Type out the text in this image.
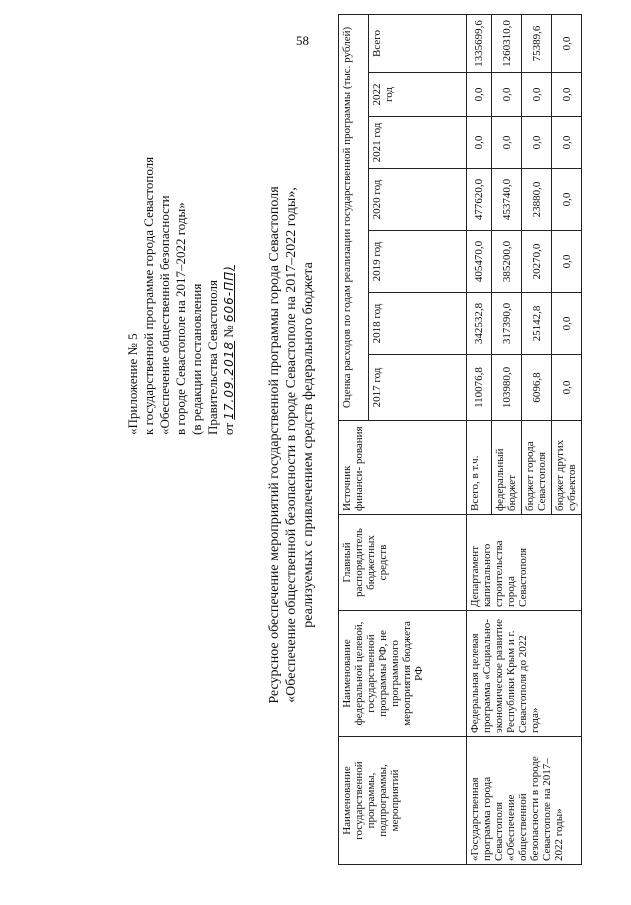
58
«Приложение № 5 к государственной программе города Севастополя «Обеспечение общественной безопасности в городе Севастополе на 2017–2022 годы» (в редакции постановления Правительства Севастополя от 17.09.2018 № 606-ПП) Ресурсное обеспечение мероприятий государственной программы города Севастополя «Обеспечение общественной безопасности в городе Севастополе на 2017–2022 годы», реализуемых с привлечением средств федерального бюджета
Наименование государственной программы, подпрограммы, мероприятий	Наименование федеральной целевой, государственной программы РФ, не программного мероприятия бюджета РФ	Главный распорядитель бюджетных средств	Источник финанси- рования	Оценка расходов по годам реализации государственной программы (тыс. рублей)						
				2017 год	2018 год	2019 год	2020 год	2021 год	2022 год	Всего
«Государственная программа города Севастополя «Обеспечение общественной безопасности в городе Севастополе на 2017–2022 годы»	Федеральная целевая программа «Социально-экономическое развитие Республики Крым и г. Севастополя до 2022 года»	Департамент капитального строительства города Севастополя	Всего, в т.ч.	110076,8	342532,8	405470,0	477620,0	0,0	0,0	1335699,6
			федеральный бюджет	103980,0	317390,0	385200,0	453740,0	0,0	0,0	1260310,0
			бюджет города Севастополя	6096,8	25142,8	20270,0	23880,0	0,0	0,0	75389,6
			бюджет других субъектов	0,0	0,0	0,0	0,0	0,0	0,0	0,0
